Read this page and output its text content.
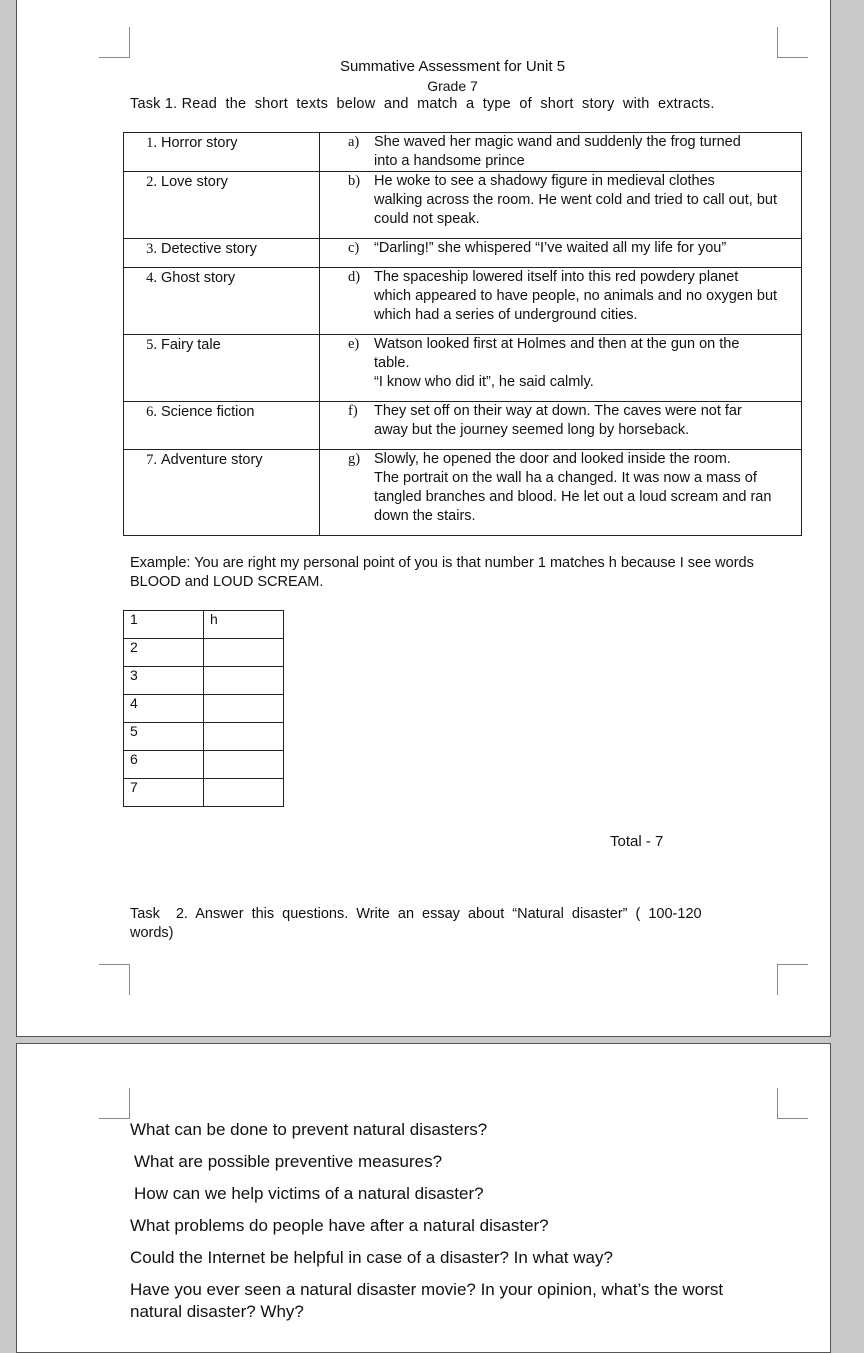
Summative Assessment for Unit 5
Grade 7
Task 1. Read  the  short  texts  below  and  match  a  type  of  short  story  with  extracts.
1. Horror story	a) She waved her magic wand and suddenly the frog turned
into a handsome prince

2. Love story	b) He woke to see a shadowy figure in medieval clothes
walking across the room. He went cold and tried to call out, but could not speak.

3. Detective story	c) “Darling!” she whispered “I’ve waited all my life for you”

4. Ghost story	d) The spaceship lowered itself into this red powdery planet
which appeared to have people, no animals and no oxygen but which had a series of underground cities.

5. Fairy tale	e) Watson looked first at Holmes and then at the gun on the
table.
“I know who did it”, he said calmly.

6. Science fiction	f) They set off on their way at down. The caves were not far
away but the journey seemed long by horseback.

7. Adventure story	g) Slowly, he opened the door and looked inside the room.
The portrait on the wall ha a changed. It was now a mass of tangled branches and blood. He let out a loud scream and ran down the stairs.
Example: You are right my personal point of you is that number 1 matches h because I see words BLOOD and LOUD SCREAM.
1	h
2	
3	
4	
5	
6	
7	
Total - 7
Task  2. Answer this questions. Write an essay about “Natural disaster” ( 100-120 words)
What can be done to prevent natural disasters?
What are possible preventive measures?
How can we help victims of a natural disaster?
What problems do people have after a natural disaster?
Could the Internet be helpful in case of a disaster? In what way?
Have you ever seen a natural disaster movie? In your opinion, what’s the worst natural disaster? Why?
